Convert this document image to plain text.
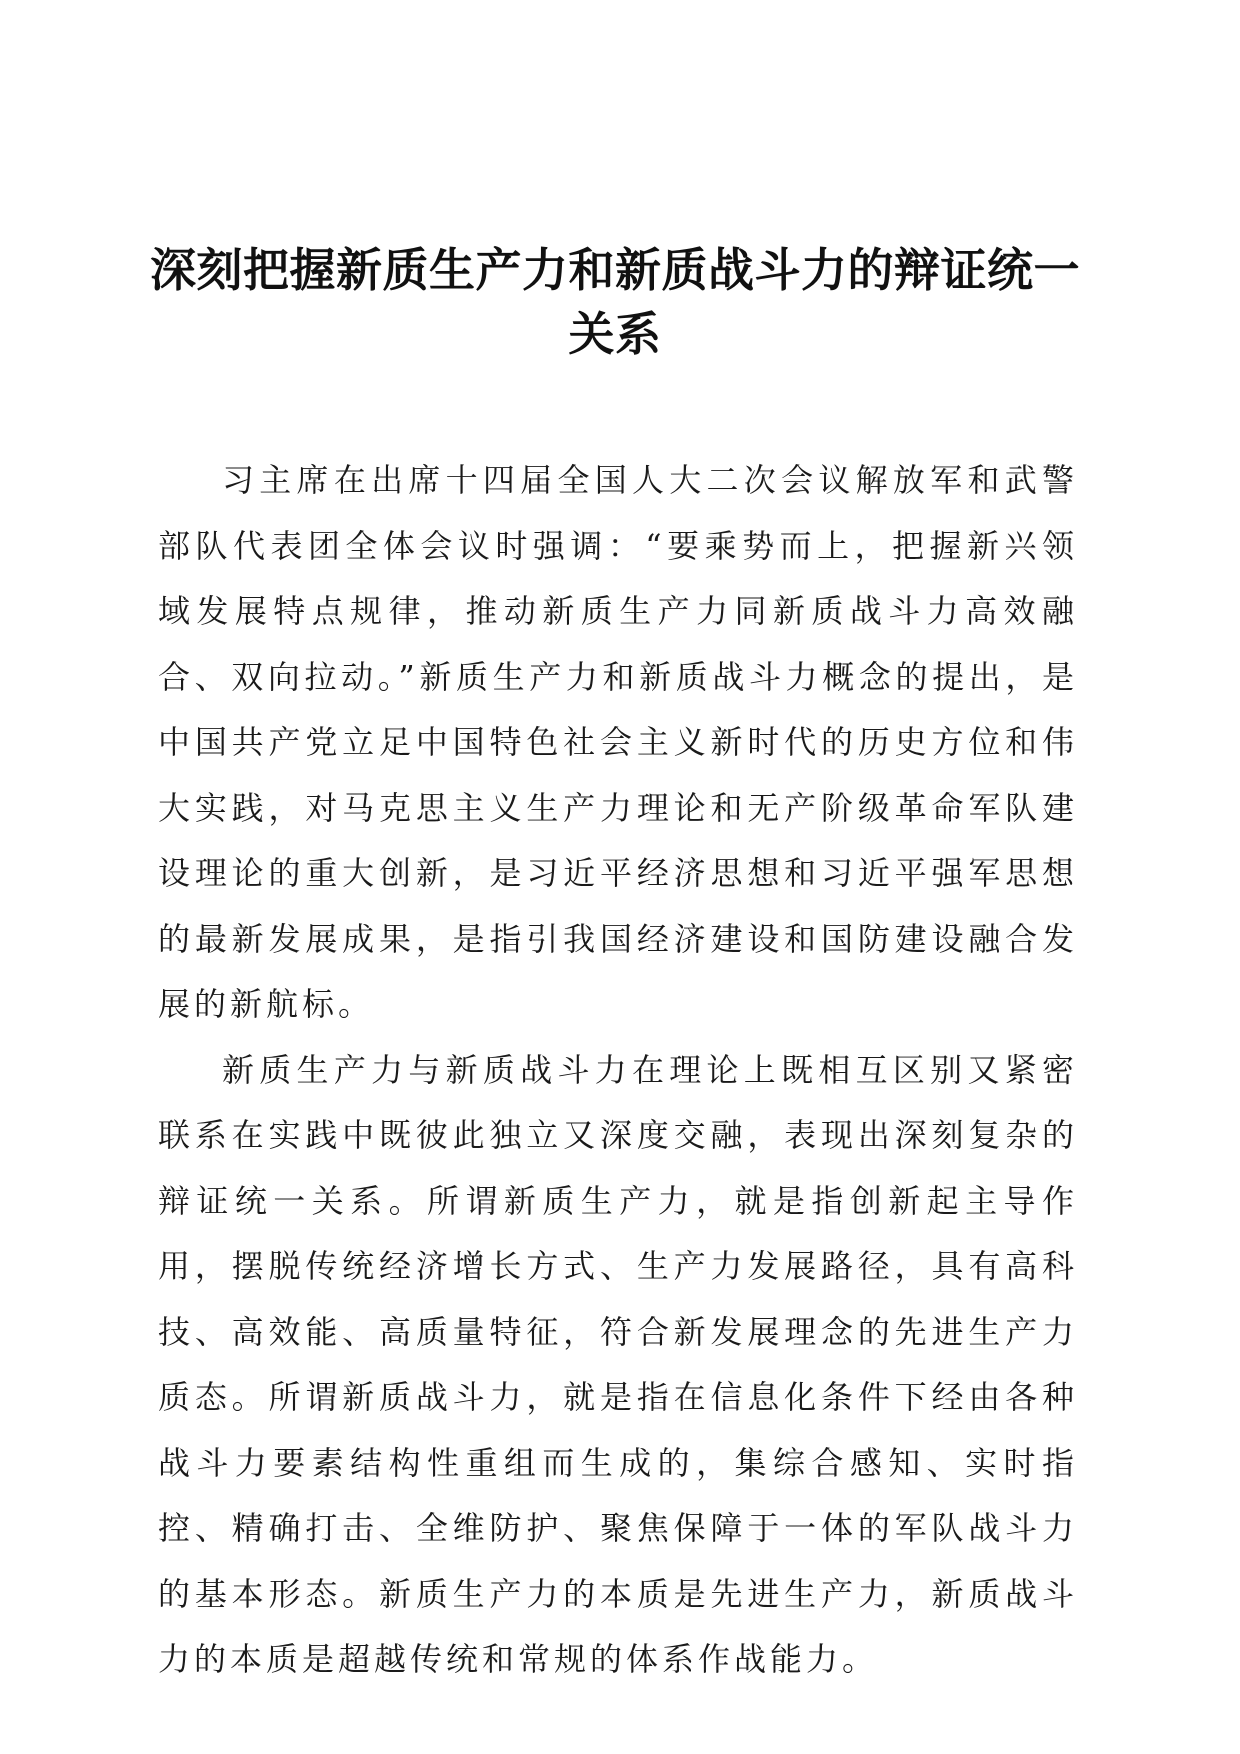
深刻把握新质生产力和新质战斗力的辩证统一关系

习主席在出席十四届全国人大二次会议解放军和武警部队代表团全体会议时强调：“要乘势而上，把握新兴领域发展特点规律，推动新质生产力同新质战斗力高效融合、双向拉动。”新质生产力和新质战斗力概念的提出，是中国共产党立足中国特色社会主义新时代的历史方位和伟大实践，对马克思主义生产力理论和无产阶级革命军队建设理论的重大创新，是习近平经济思想和习近平强军思想的最新发展成果，是指引我国经济建设和国防建设融合发展的新航标。

新质生产力与新质战斗力在理论上既相互区别又紧密联系在实践中既彼此独立又深度交融，表现出深刻复杂的辩证统一关系。所谓新质生产力，就是指创新起主导作用，摆脱传统经济增长方式、生产力发展路径，具有高科技、高效能、高质量特征，符合新发展理念的先进生产力质态。所谓新质战斗力，就是指在信息化条件下经由各种战斗力要素结构性重组而生成的，集综合感知、实时指控、精确打击、全维防护、聚焦保障于一体的军队战斗力的基本形态。新质生产力的本质是先进生产力，新质战斗力的本质是超越传统和常规的体系作战能力。
